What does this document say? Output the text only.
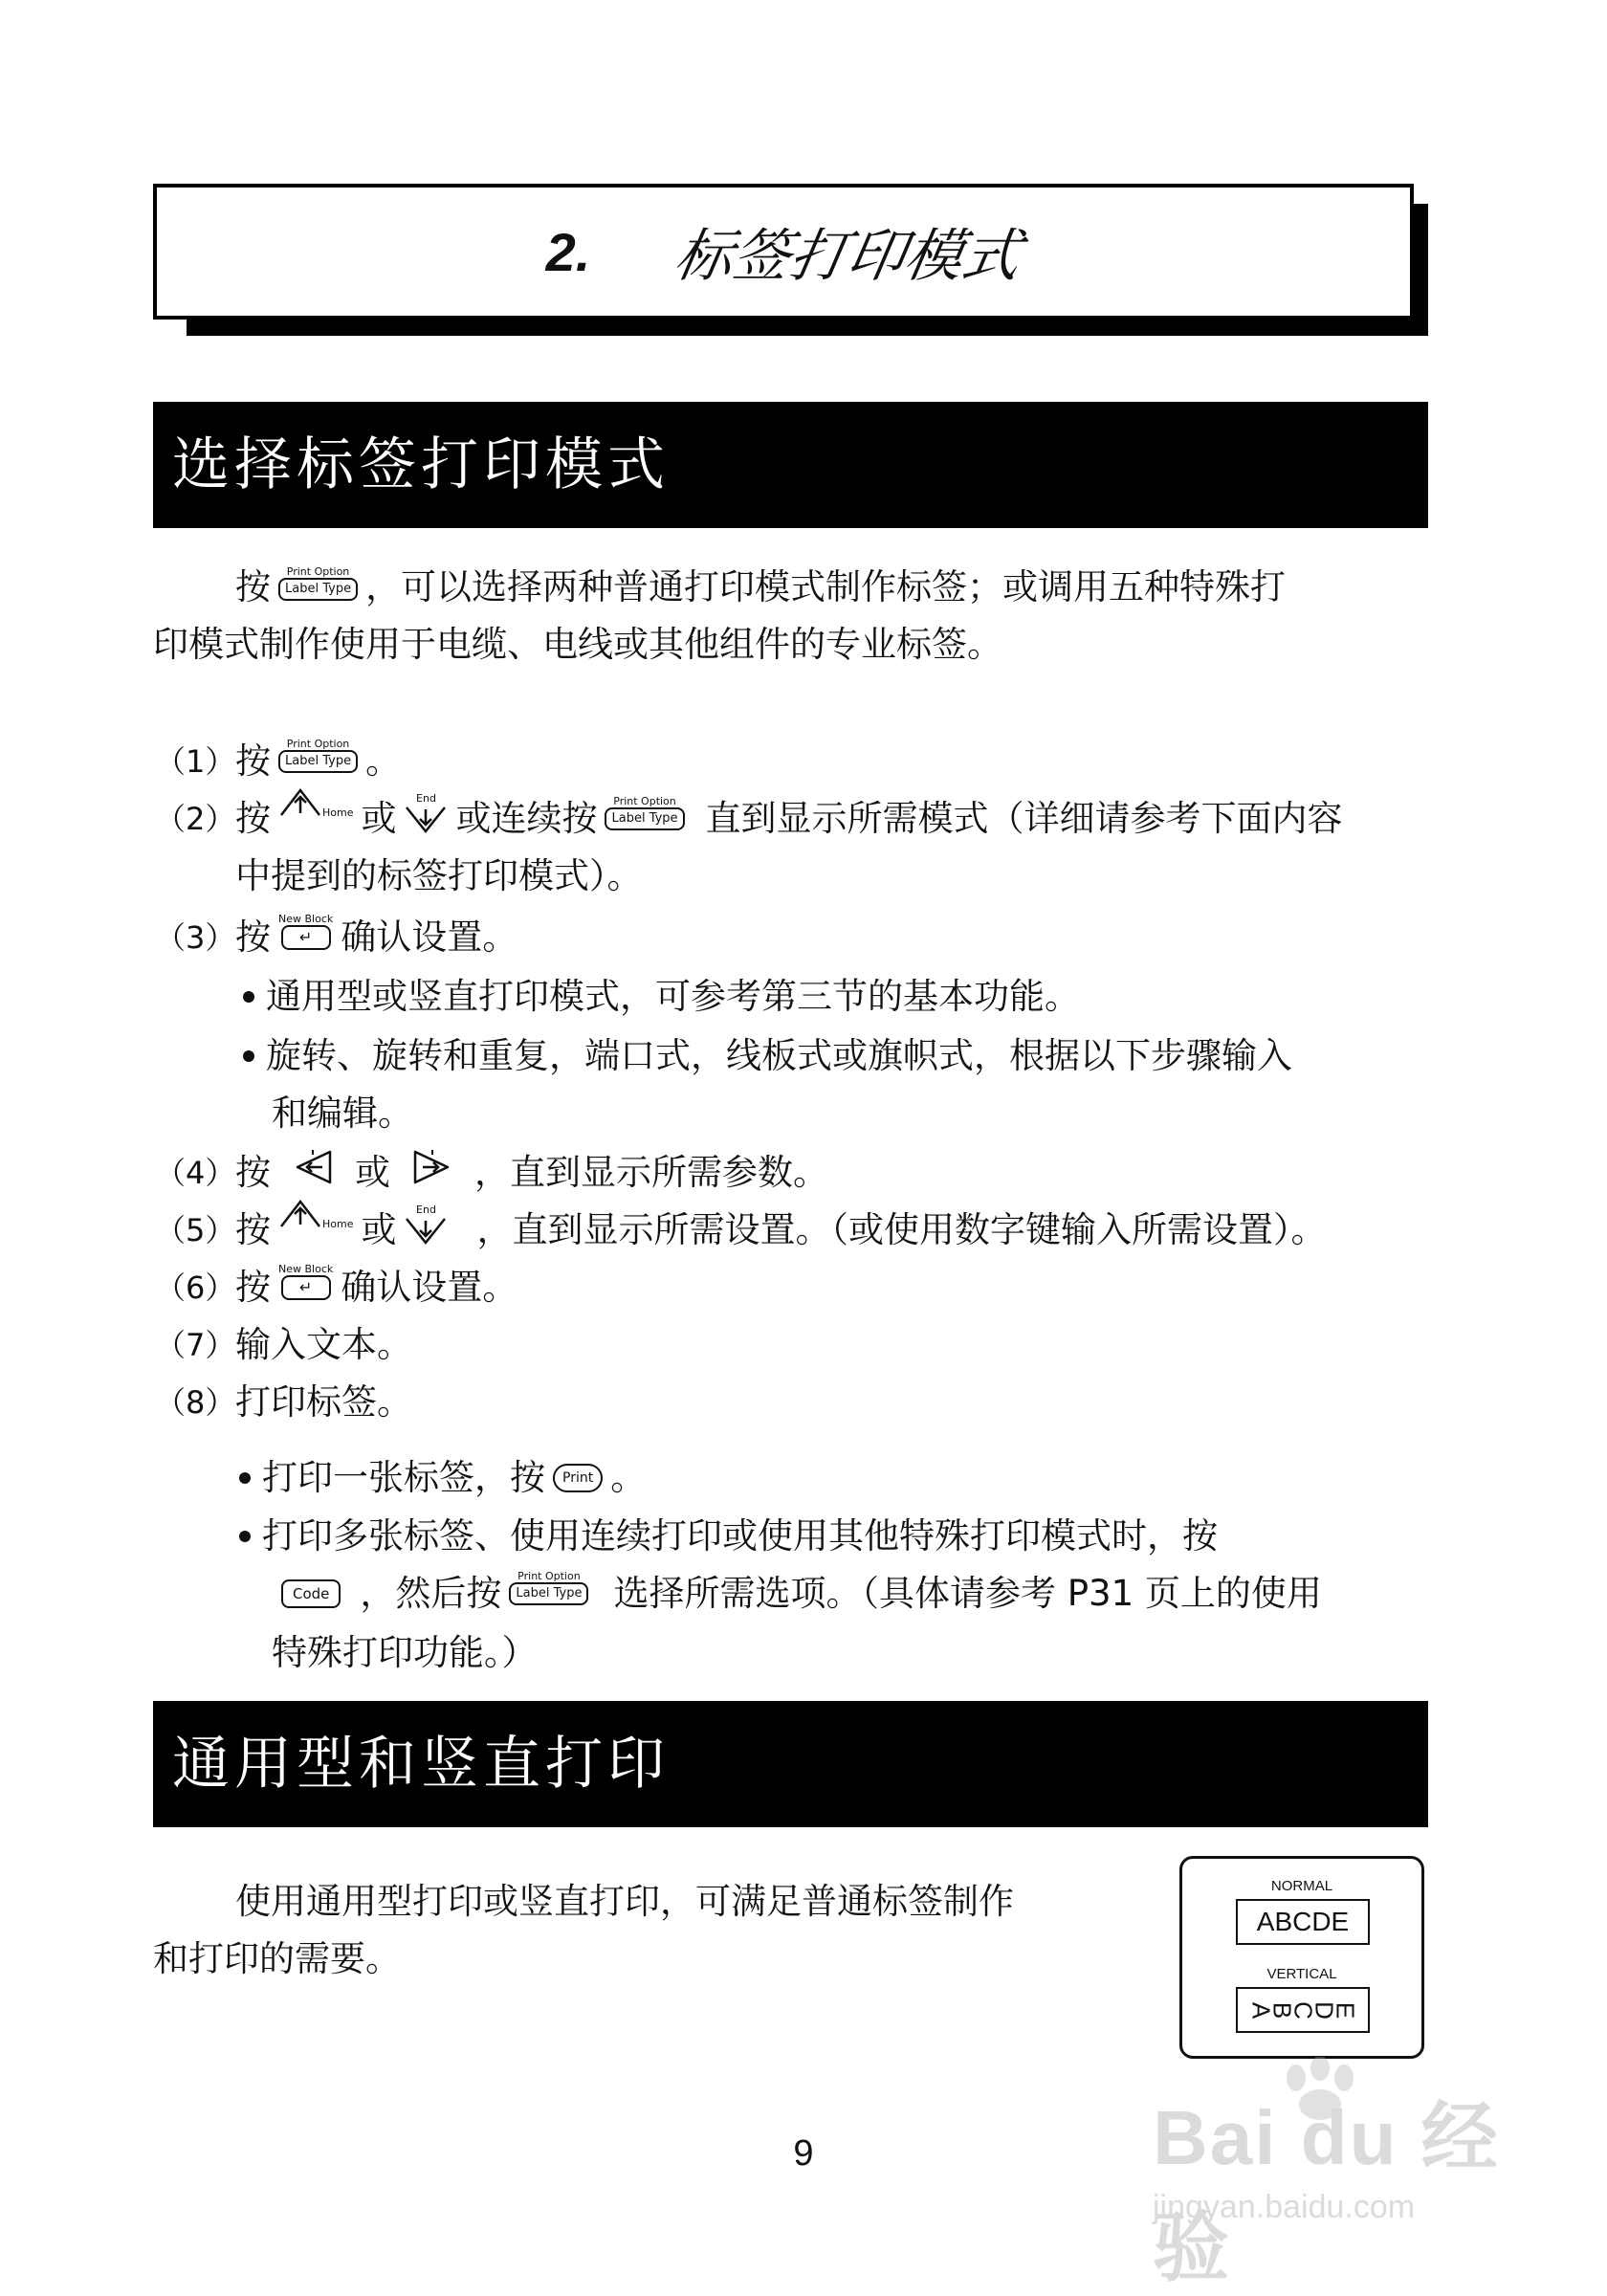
2. 标签打印模式
选择标签打印模式
按 Print Option
Label Type ，可以选择两种普通打印模式制作标签；或调用五种特殊打
印模式制作使用于电缆、电线或其他组件的专业标签。
（1） 按 Print Option
Label Type 。
（2） 按	Home 或 End 或连续按 Print Option
Label Type 直到显示所需模式（详细请参考下面内容
中提到的标签打印模式）。
（3） 按 New Block
↵ 确认设置。
通用型或竖直打印模式，可参考第三节的基本功能。
旋转、旋转和重复，端口式，线板式或旗帜式，根据以下步骤输入
和编辑。
（4） 按 或 ，直到显示所需参数。
（5） 按	Home 或 End ，直到显示所需设置。（或使用数字键输入所需设置）。
（6） 按 New Block
↵ 确认设置。
（7） 输入文本。
（8） 打印标签。
打印一张标签，按	Print 。
打印多张标签、使用连续打印或使用其他特殊打印模式时，按
Code ，然后按 Print Option
Label Type 选择所需选项。（具体请参考 P31 页上的使用
特殊打印功能。）
通用型和竖直打印
使用通用型打印或竖直打印，可满足普通标签制作
和打印的需要。
NORMAL
ABCDE
VERTICAL
A
B
C
D
E
9	Bai du 经验
jingyan.baidu.com
